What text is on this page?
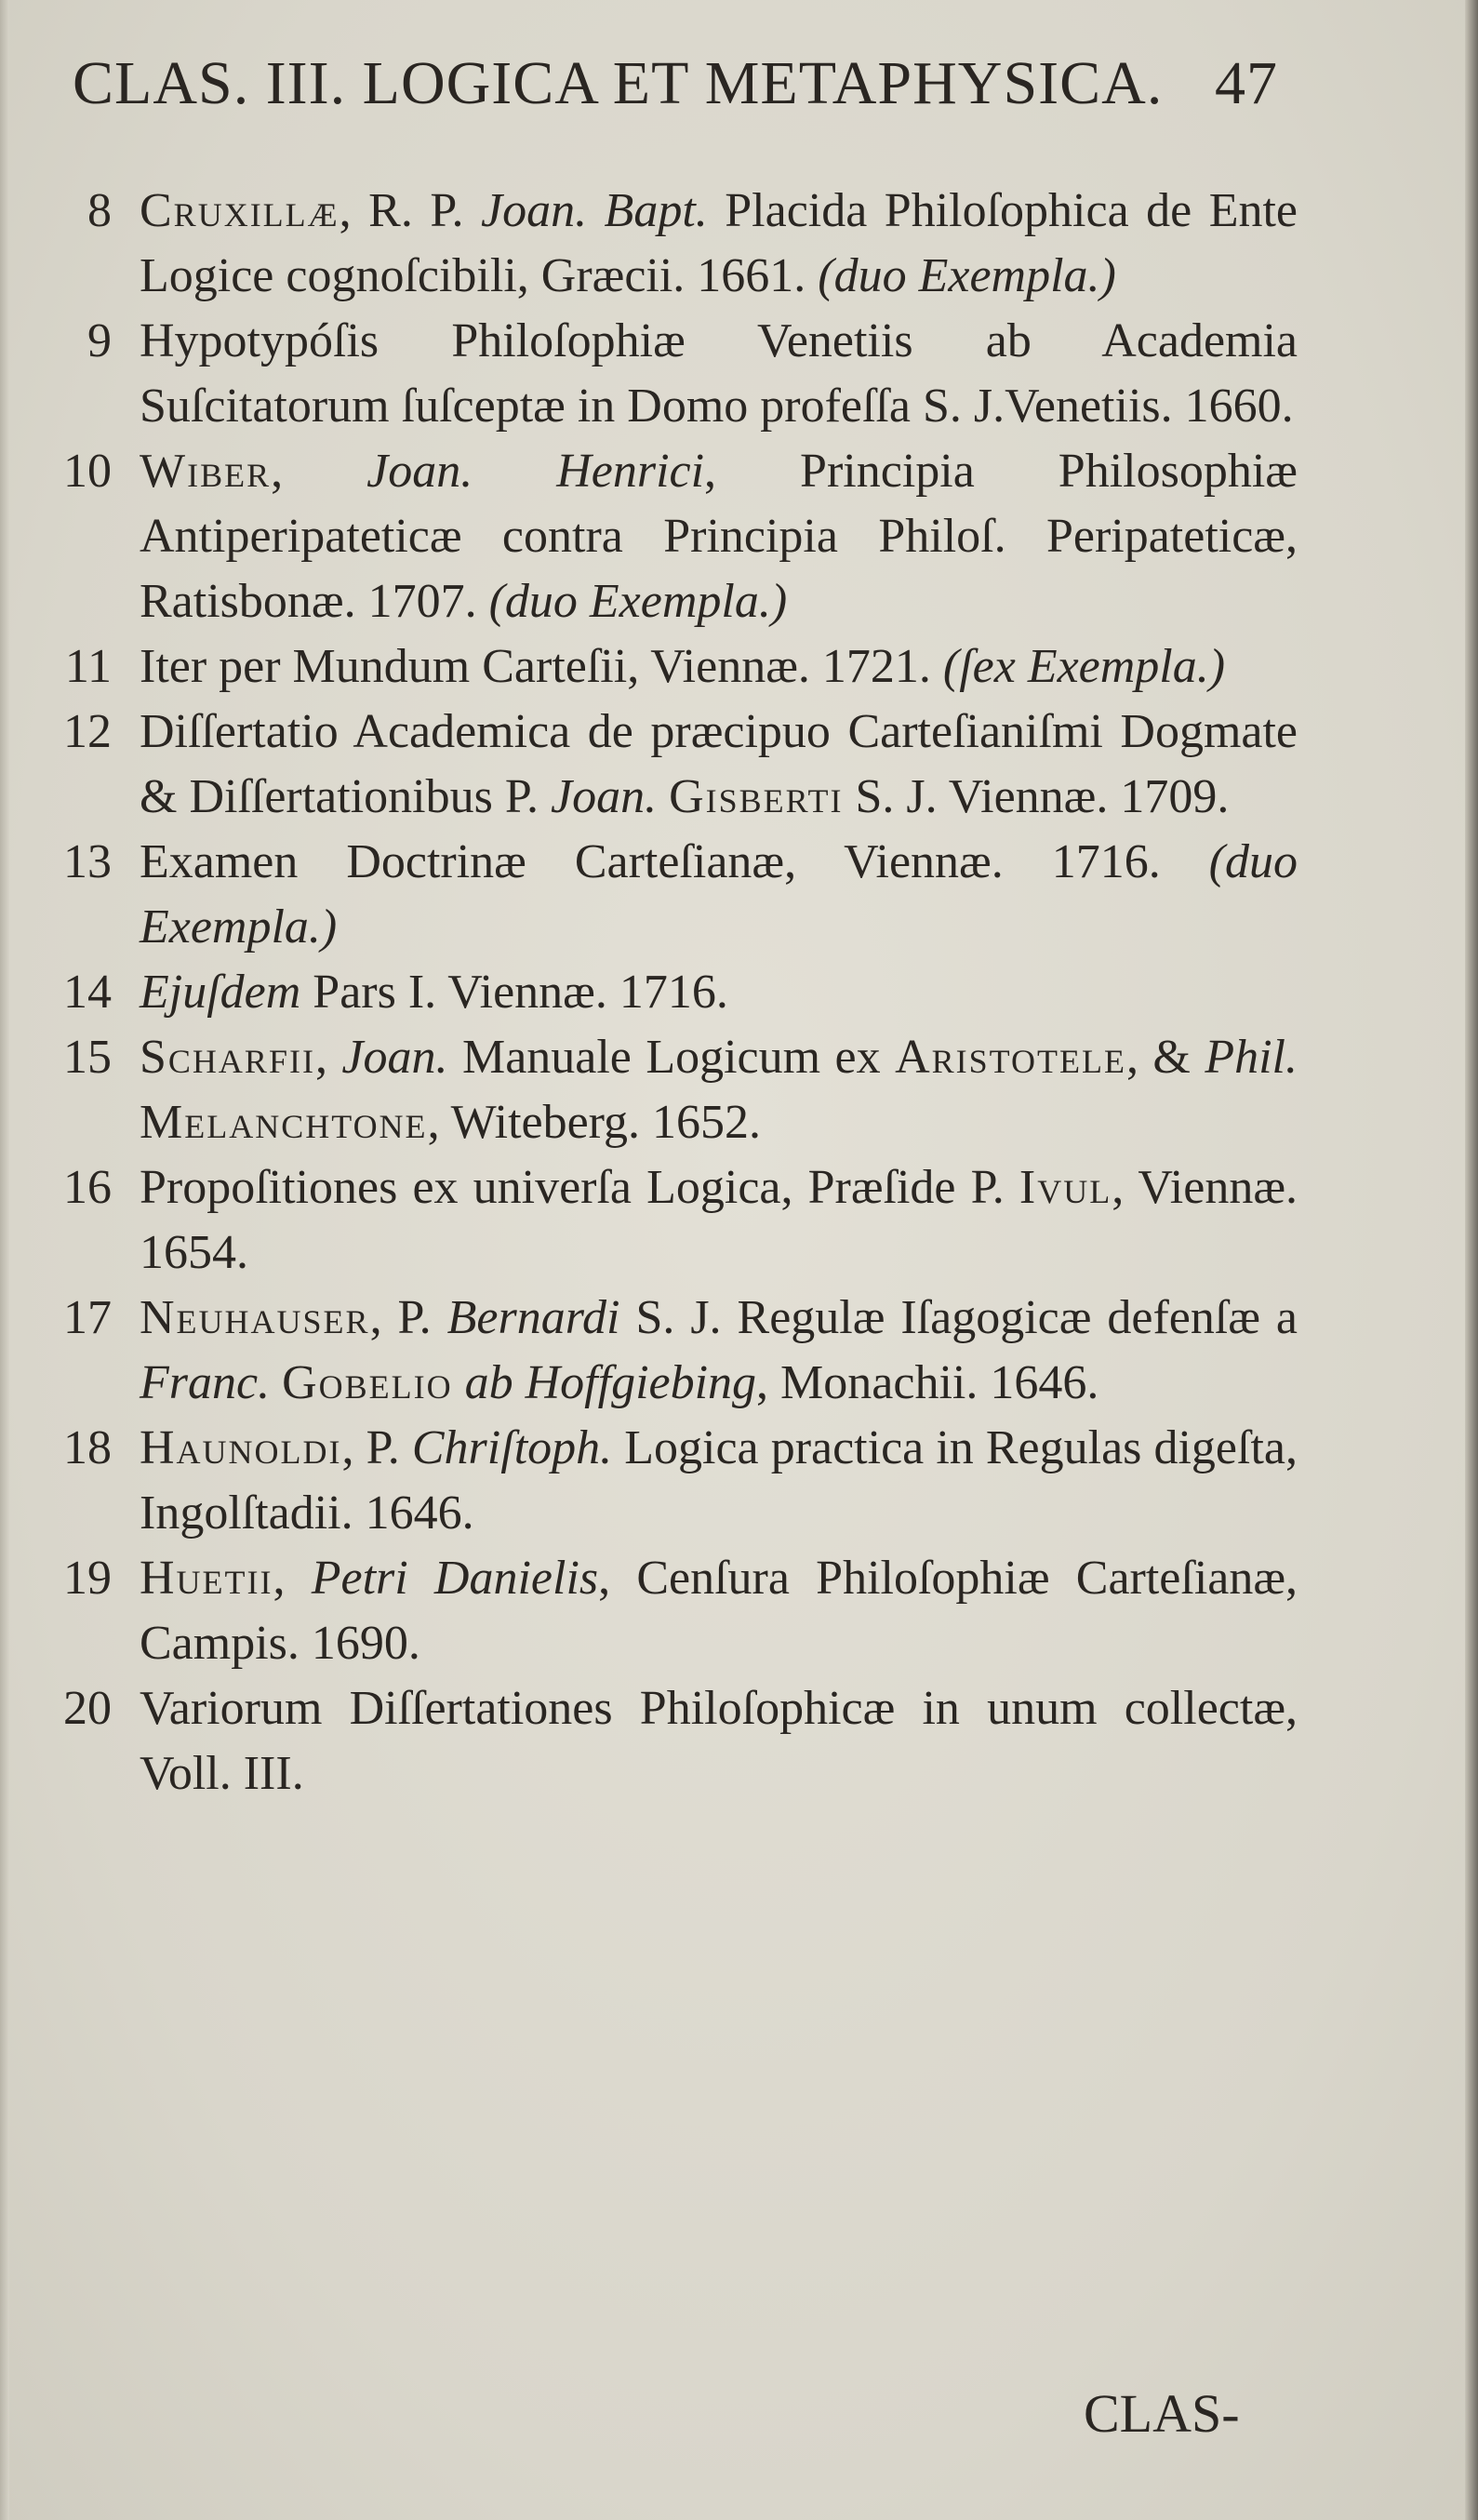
CLAS. III. LOGICA ET METAPHYSICA. 47
8 Cruxillæ, R. P. Joan. Bapt. Placida Philoſophica de Ente Logice cognoſcibili, Græcii. 1661. (duo Exempla.)
9 Hypotypóſis Philoſophiæ Venetiis ab Academia Suſcitatorum ſuſceptæ in Domo profeſſa S. J.Venetiis. 1660.
10 Wiber, Joan. Henrici, Principia Philosophiæ Antiperipateticæ contra Principia Philoſ. Peripateticæ, Ratisbonæ. 1707. (duo Exempla.)
11 Iter per Mundum Carteſii, Viennæ. 1721. (ſex Exempla.)
12 Diſſertatio Academica de præcipuo Carteſianiſmi Dogmate & Diſſertationibus P. Joan. Gisberti S. J. Viennæ. 1709.
13 Examen Doctrinæ Carteſianæ, Viennæ. 1716. (duo Exempla.)
14 Ejuſdem Pars I. Viennæ. 1716.
15 Scharfii, Joan. Manuale Logicum ex Aristotele, & Phil. Melanchtone, Witeberg. 1652.
16 Propoſitiones ex univerſa Logica, Præſide P. Ivul, Viennæ. 1654.
17 Neuhauser, P. Bernardi S. J. Regulæ Iſagogicæ defenſæ a Franc. Gobelio ab Hoffgiebing, Monachii. 1646.
18 Haunoldi, P. Chriſtoph. Logica practica in Regulas digeſta, Ingolſtadii. 1646.
19 Huetii, Petri Danielis, Cenſura Philoſophiæ Carteſianæ, Campis. 1690.
20 Variorum Diſſertationes Philoſophicæ in unum collectæ, Voll. III.
CLAS-
